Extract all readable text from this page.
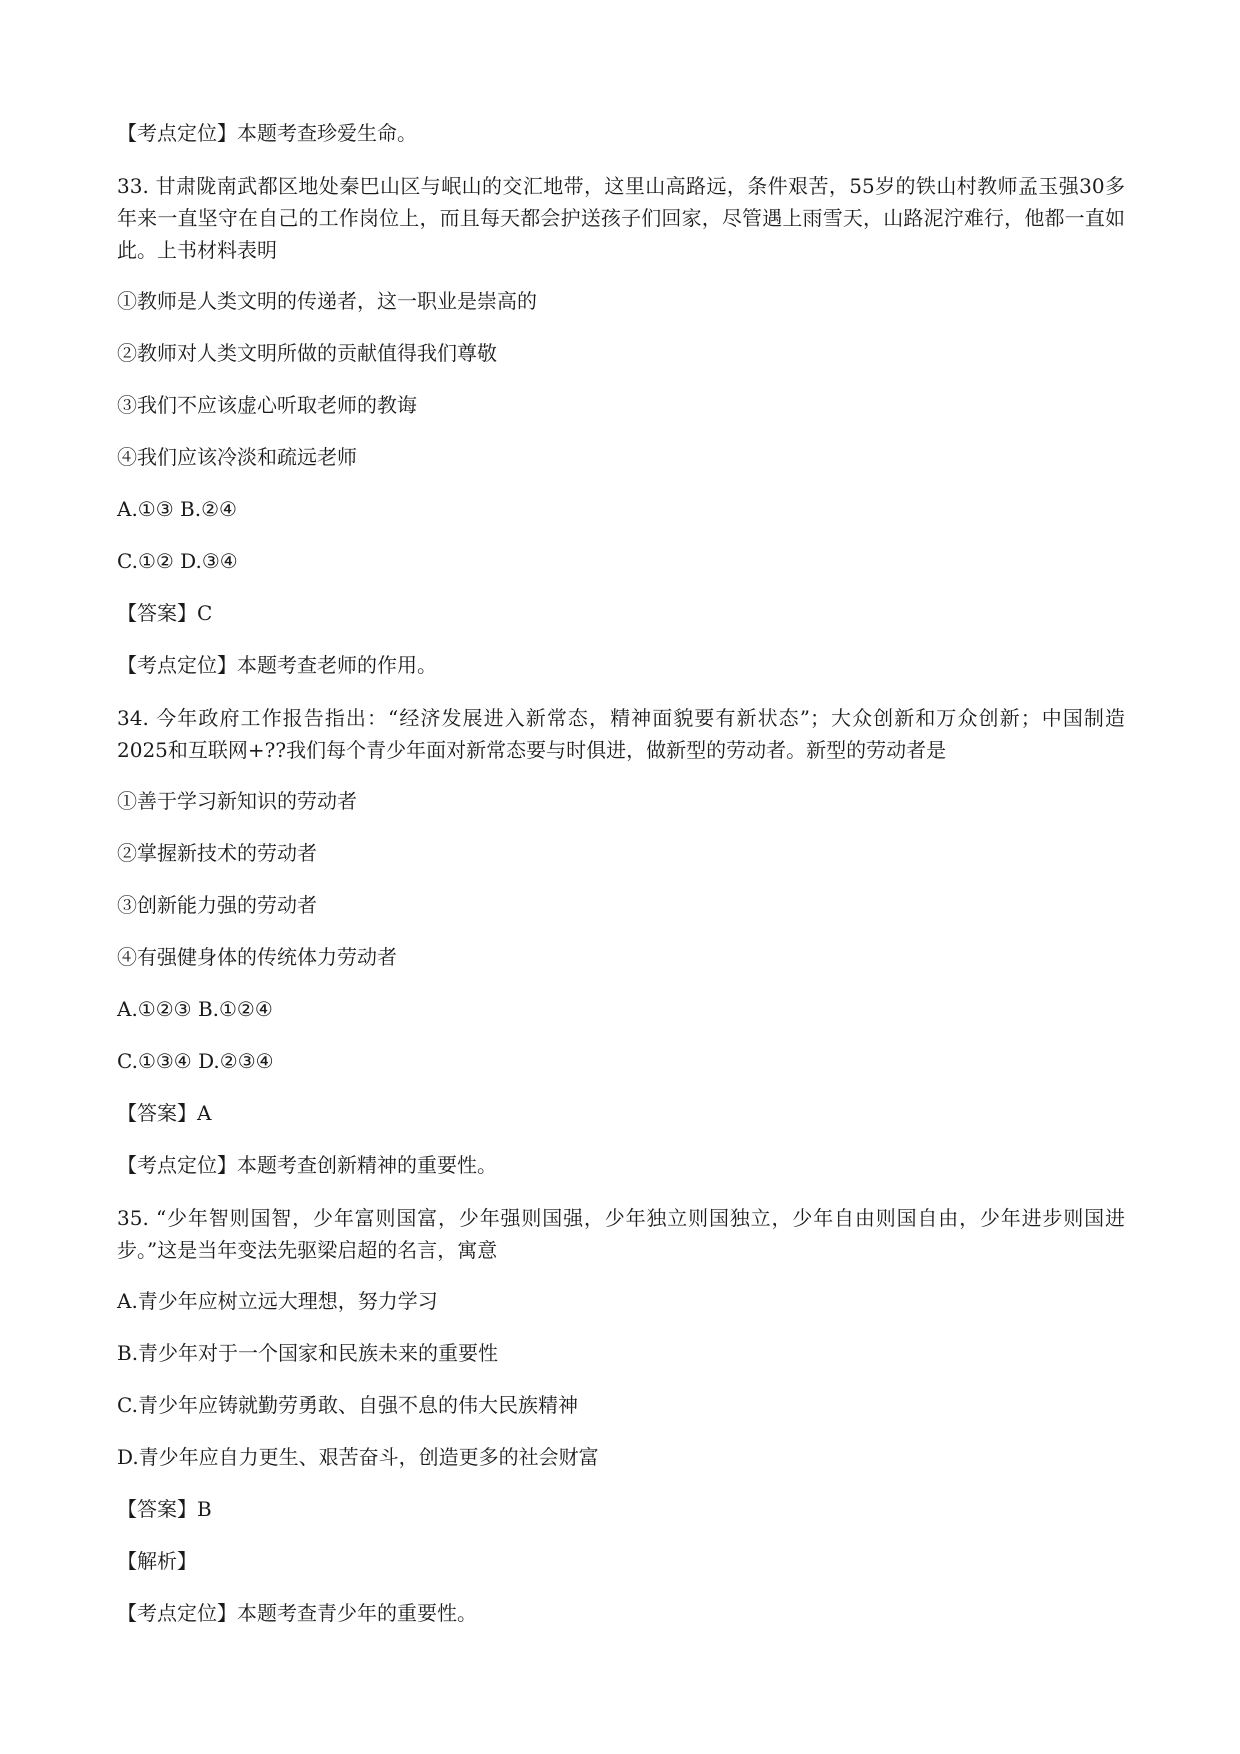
【考点定位】本题考查珍爱生命。
33. 甘肃陇南武都区地处秦巴山区与岷山的交汇地带，这里山高路远，条件艰苦，55岁的铁山村教师孟玉强30多年来一直坚守在自己的工作岗位上，而且每天都会护送孩子们回家，尽管遇上雨雪天，山路泥泞难行，他都一直如此。上书材料表明
①教师是人类文明的传递者，这一职业是崇高的
②教师对人类文明所做的贡献值得我们尊敬
③我们不应该虚心听取老师的教诲
④我们应该冷淡和疏远老师
A.①③ B.②④
C.①② D.③④
【答案】C
【考点定位】本题考查老师的作用。
34. 今年政府工作报告指出：“经济发展进入新常态，精神面貌要有新状态”；大众创新和万众创新；中国制造2025和互联网+??我们每个青少年面对新常态要与时俱进，做新型的劳动者。新型的劳动者是
①善于学习新知识的劳动者
②掌握新技术的劳动者
③创新能力强的劳动者
④有强健身体的传统体力劳动者
A.①②③ B.①②④
C.①③④ D.②③④
【答案】A
【考点定位】本题考查创新精神的重要性。
35. “少年智则国智，少年富则国富，少年强则国强，少年独立则国独立，少年自由则国自由，少年进步则国进步。”这是当年变法先驱梁启超的名言，寓意
A.青少年应树立远大理想，努力学习
B.青少年对于一个国家和民族未来的重要性
C.青少年应铸就勤劳勇敢、自强不息的伟大民族精神
D.青少年应自力更生、艰苦奋斗，创造更多的社会财富
【答案】B
【解析】
【考点定位】本题考查青少年的重要性。
